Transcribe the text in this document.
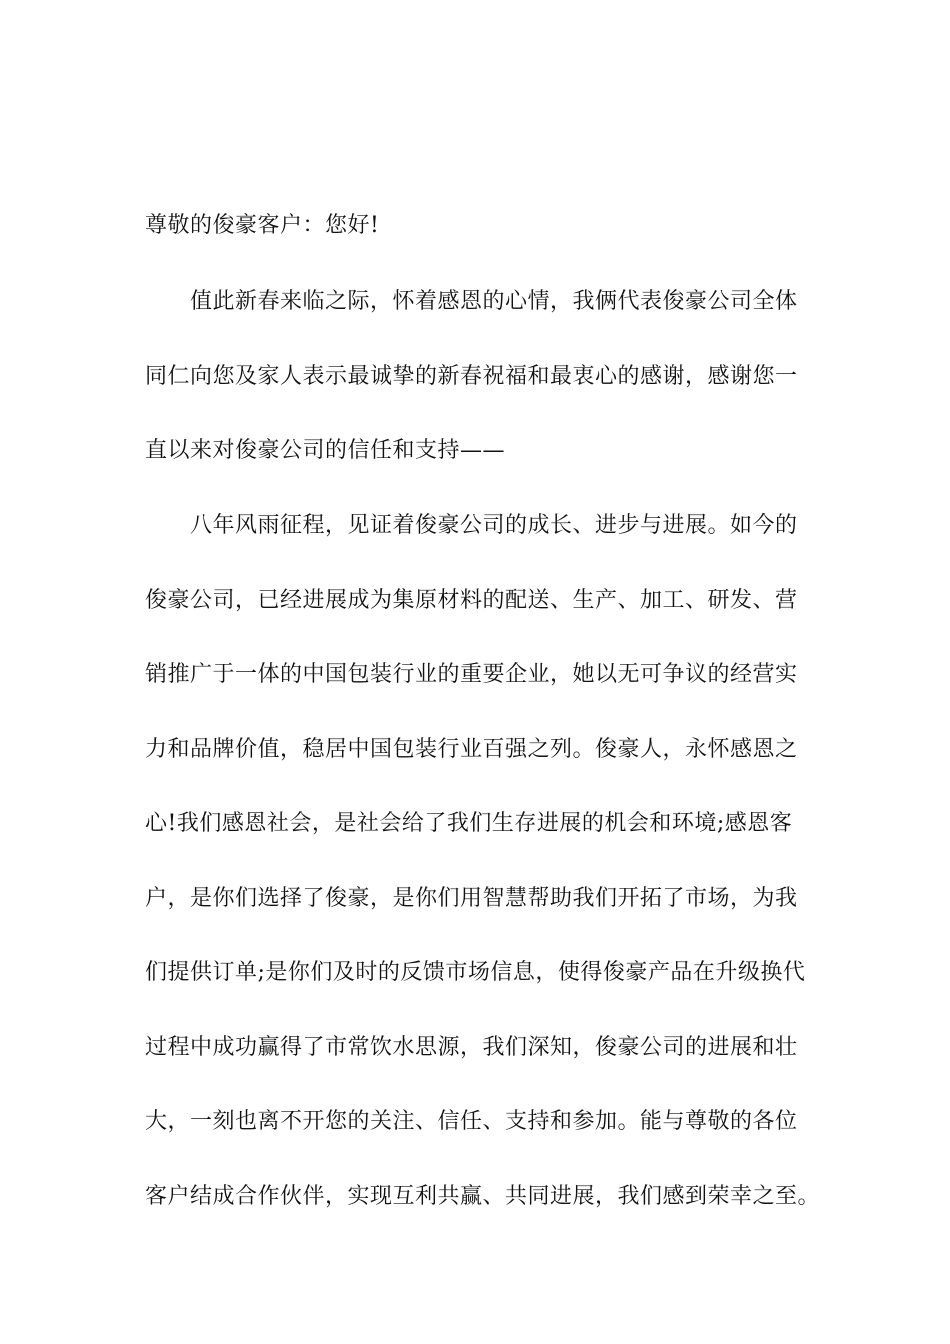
尊敬的俊豪客户：您好!
值此新春来临之际，怀着感恩的心情，我俩代表俊豪公司全体
同仁向您及家人表示最诚挚的新春祝福和最衷心的感谢，感谢您一
直以来对俊豪公司的信任和支持——
八年风雨征程，见证着俊豪公司的成长、进步与进展。如今的
俊豪公司，已经进展成为集原材料的配送、生产、加工、研发、营
销推广于一体的中国包装行业的重要企业，她以无可争议的经营实
力和品牌价值，稳居中国包装行业百强之列。俊豪人，永怀感恩之
心!我们感恩社会，是社会给了我们生存进展的机会和环境;感恩客
户，是你们选择了俊豪，是你们用智慧帮助我们开拓了市场，为我
们提供订单;是你们及时的反馈市场信息，使得俊豪产品在升级换代
过程中成功赢得了市常饮水思源，我们深知，俊豪公司的进展和壮
大，一刻也离不开您的关注、信任、支持和参加。能与尊敬的各位
客户结成合作伙伴，实现互利共赢、共同进展，我们感到荣幸之至。
